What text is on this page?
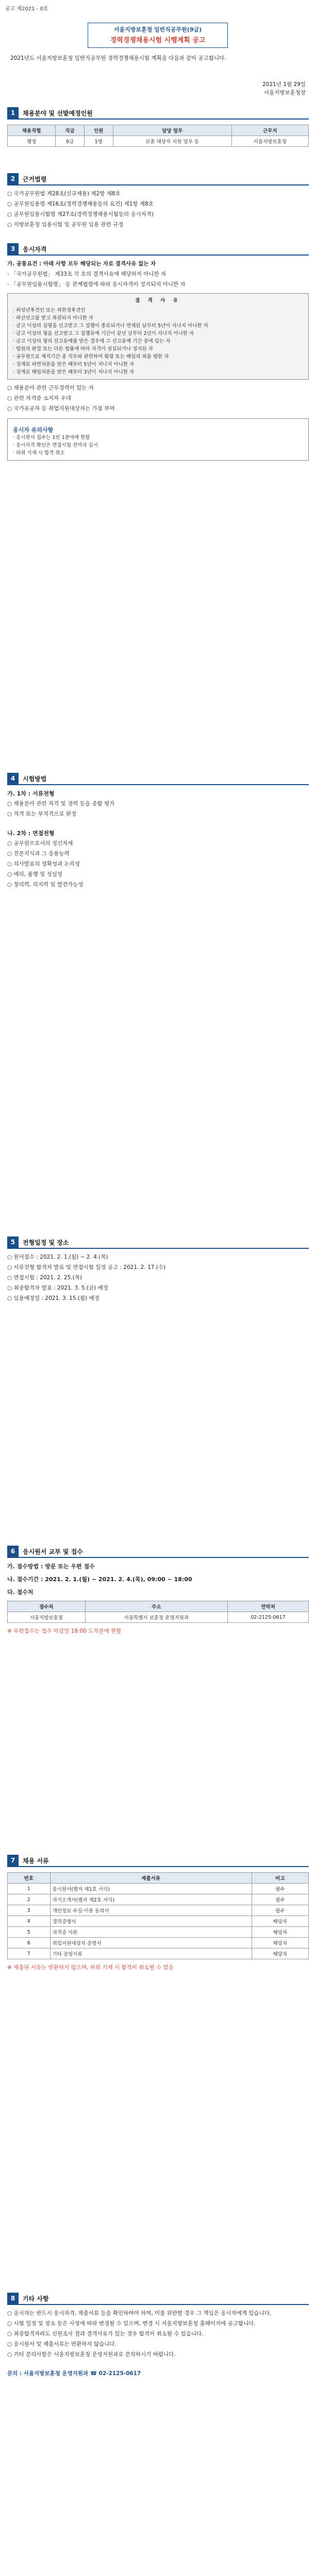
공고 제2021 - 0호
서울지방보훈청 일반직공무원(9급)
경력경쟁채용시험 시행계획 공고
2021년도 서울지방보훈청 일반직공무원 경력경쟁채용시험 계획을 다음과 같이 공고합니다.
2021년 1월 29일
서울지방보훈청장
1	채용분야 및 선발예정인원
채용직렬	직급	인원	담당 업무	근무지
행정	9급	1명	보훈 대상자 지원 업무 등	서울지방보훈청
2	근거법령
○ 국가공무원법 제28조(신규채용) 제2항 제8호
○ 공무원임용령 제16조(경력경쟁채용등의 요건) 제1항 제8호
○ 공무원임용시험령 제27조(경력경쟁채용시험등의 응시자격)
○ 지방보훈청 임용시험 및 공무원 임용 관련 규정
3	응시자격
가. 공통요건 : 아래 사항 모두 해당되는 자로 결격사유 없는 자
- 「국가공무원법」 제33조 각 호의 결격사유에 해당하지 아니한 자
- 「공무원임용시험령」 등 관계법령에 따라 응시자격이 정지되지 아니한 자
결 격 사 유
· 피성년후견인 또는 피한정후견인
· 파산선고를 받고 복권되지 아니한 자
· 금고 이상의 실형을 선고받고 그 집행이 종료되거나 면제된 날부터 5년이 지나지 아니한 자
· 금고 이상의 형을 선고받고 그 집행유예 기간이 끝난 날부터 2년이 지나지 아니한 자
· 금고 이상의 형의 선고유예를 받은 경우에 그 선고유예 기간 중에 있는 자
· 법원의 판결 또는 다른 법률에 따라 자격이 상실되거나 정지된 자
· 공무원으로 재직기간 중 직무와 관련하여 횡령 또는 배임의 죄를 범한 자
· 징계로 파면처분을 받은 때부터 5년이 지나지 아니한 자
· 징계로 해임처분을 받은 때부터 3년이 지나지 아니한 자
○ 채용분야 관련 근무경력이 있는 자
○ 관련 자격증 소지자 우대
○ 국가유공자 등 취업지원대상자는 가점 부여
응시자 유의사항
· 응시원서 접수는 1인 1분야에 한함
· 응시자격 확인은 면접시험 전까지 실시
· 허위 기재 시 합격 취소
4	시험방법
가. 1차 : 서류전형
○ 채용분야 관련 자격 및 경력 등을 종합 평가
○ 적격 또는 부적격으로 판정
나. 2차 : 면접전형
○ 공무원으로서의 정신자세
○ 전문지식과 그 응용능력
○ 의사발표의 정확성과 논리성
○ 예의, 품행 및 성실성
○ 창의력, 의지력 및 발전가능성
5	전형일정 및 장소
○ 원서접수 : 2021. 2. 1.(월) ~ 2. 4.(목)
○ 서류전형 합격자 발표 및 면접시험 일정 공고 : 2021. 2. 17.(수)
○ 면접시험 : 2021. 2. 25.(목)
○ 최종합격자 발표 : 2021. 3. 5.(금) 예정
○ 임용예정일 : 2021. 3. 15.(월) 예정
6	응시원서 교부 및 접수
가. 접수방법 : 방문 또는 우편 접수
나. 접수기간 : 2021. 2. 1.(월) ~ 2021. 2. 4.(목), 09:00 ~ 18:00
다. 접수처
접수처	주소	연락처
서울지방보훈청	서울특별시 보훈청 운영지원과	02-2125-0617
※ 우편접수는 접수 마감일 18:00 도착분에 한함
7	채용 서류
번호	제출서류	비고
1	응시원서(별지 제1호 서식)	필수
2	자기소개서(별지 제2호 서식)	필수
3	개인정보 수집·이용 동의서	필수
4	경력증명서	해당자
5	자격증 사본	해당자
6	취업지원대상자 증명서	해당자
7	기타 증빙서류	해당자
※ 제출된 서류는 반환하지 않으며, 허위 기재 시 합격이 취소될 수 있음
8	기타 사항
○ 응시자는 반드시 응시자격, 제출서류 등을 확인하여야 하며, 이를 위반할 경우 그 책임은 응시자에게 있습니다.
○ 시험 일정 및 장소 등은 사정에 따라 변경될 수 있으며, 변경 시 서울지방보훈청 홈페이지에 공고합니다.
○ 최종합격자라도 신원조사 결과 결격사유가 있는 경우 합격이 취소될 수 있습니다.
○ 응시원서 및 제출서류는 반환하지 않습니다.
○ 기타 문의사항은 서울지방보훈청 운영지원과로 문의하시기 바랍니다.
문의 : 서울지방보훈청 운영지원과 ☎ 02-2125-0617
